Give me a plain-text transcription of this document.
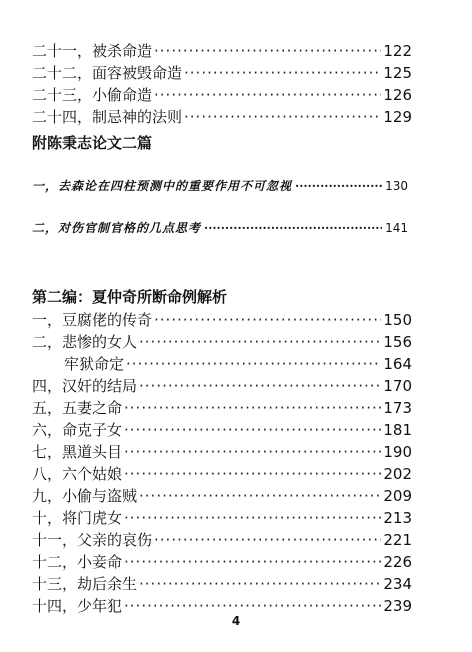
二十一，被杀命造 ·····	122
二十二，面容被毁命造 ·····	125
二十三，小偷命造 ·····	126
二十四，制忌神的法则 ·····	129
附陈秉志论文二篇
一，去森论在四柱预测中的重要作用不可忽视 ·····	130
二，对伤官制官格的几点思考 ·····	141
第二编：夏仲奇所断命例解析
一，豆腐佬的传奇 ·····	150
二，悲惨的女人 ·····	156
牢狱命定 ·····	164
四，汉奸的结局 ·····	170
五，五妻之命 ·····	173
六，命克子女 ·····	181
七，黑道头目 ·····	190
八，六个姑娘 ·····	202
九，小偷与盗贼 ·····	209
十，将门虎女 ·····	213
十一，父亲的哀伤 ·····	221
十二，小妾命 ·····	226
十三，劫后余生 ·····	234
十四，少年犯 ·····	239
4
